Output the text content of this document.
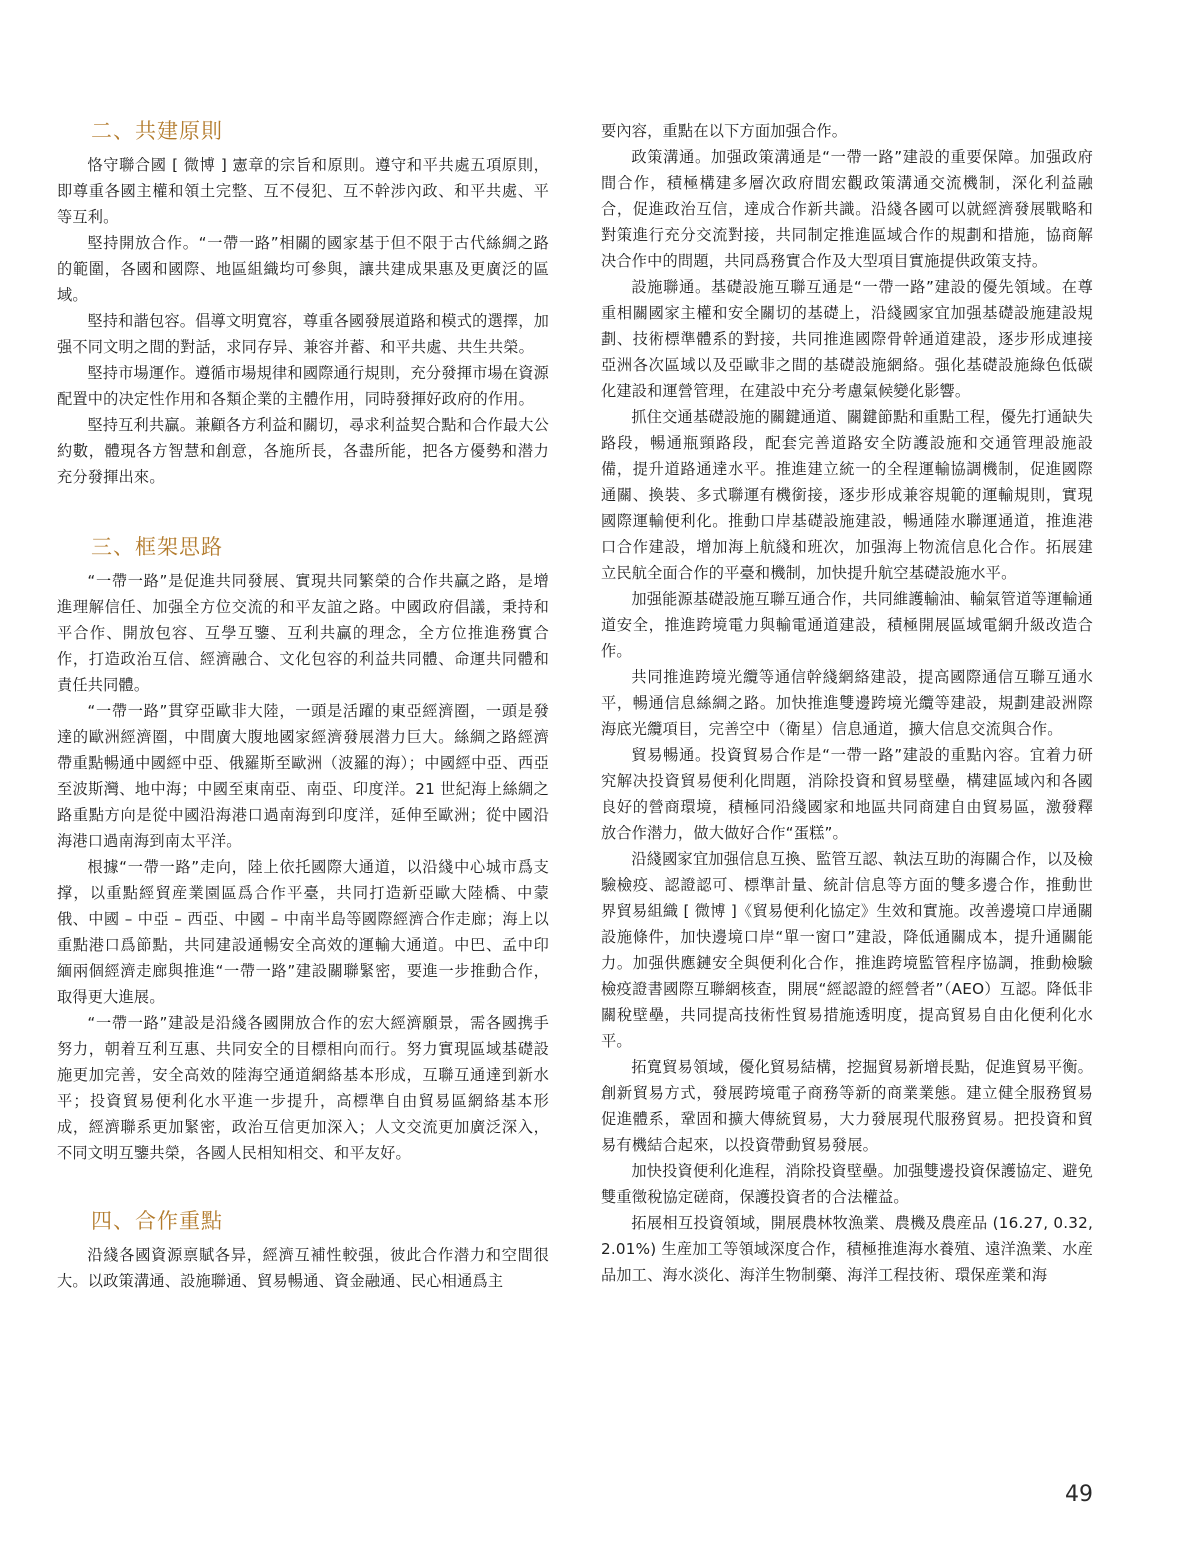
二、共建原則

恪守聯合國 [ 微博 ] 憲章的宗旨和原則。遵守和平共處五項原則，即尊重各國主權和領土完整、互不侵犯、互不幹涉內政、和平共處、平等互利。

堅持開放合作。“一帶一路”相關的國家基于但不限于古代絲綢之路的範圍，各國和國際、地區組織均可參與，讓共建成果惠及更廣泛的區域。

堅持和諧包容。倡導文明寬容，尊重各國發展道路和模式的選擇，加强不同文明之間的對話，求同存异、兼容并蓄、和平共處、共生共榮。

堅持市場運作。遵循市場規律和國際通行規則，充分發揮市場在資源配置中的决定性作用和各類企業的主體作用，同時發揮好政府的作用。

堅持互利共贏。兼顧各方利益和關切，尋求利益契合點和合作最大公約數，體現各方智慧和創意，各施所長，各盡所能，把各方優勢和潜力充分發揮出來。

三、框架思路

“一帶一路”是促進共同發展、實現共同繁榮的合作共贏之路，是增進理解信任、加强全方位交流的和平友誼之路。中國政府倡議，秉持和平合作、開放包容、互學互鑒、互利共贏的理念，全方位推進務實合作，打造政治互信、經濟融合、文化包容的利益共同體、命運共同體和責任共同體。

“一帶一路”貫穿亞歐非大陸，一頭是活躍的東亞經濟圈，一頭是發達的歐洲經濟圈，中間廣大腹地國家經濟發展潜力巨大。絲綢之路經濟帶重點暢通中國經中亞、俄羅斯至歐洲（波羅的海）；中國經中亞、西亞至波斯灣、地中海；中國至東南亞、南亞、印度洋。21 世紀海上絲綢之路重點方向是從中國沿海港口過南海到印度洋，延伸至歐洲；從中國沿海港口過南海到南太平洋。

根據“一帶一路”走向，陸上依托國際大通道，以沿綫中心城市爲支撑，以重點經貿産業園區爲合作平臺，共同打造新亞歐大陸橋、中蒙俄、中國 – 中亞 – 西亞、中國 – 中南半島等國際經濟合作走廊；海上以重點港口爲節點，共同建設通暢安全高效的運輸大通道。中巴、孟中印緬兩個經濟走廊與推進“一帶一路”建設關聯緊密，要進一步推動合作，取得更大進展。

“一帶一路”建設是沿綫各國開放合作的宏大經濟願景，需各國携手努力，朝着互利互惠、共同安全的目標相向而行。努力實現區域基礎設施更加完善，安全高效的陸海空通道網絡基本形成，互聯互通達到新水平；投資貿易便利化水平進一步提升，高標準自由貿易區網絡基本形成，經濟聯系更加緊密，政治互信更加深入；人文交流更加廣泛深入，不同文明互鑒共榮，各國人民相知相交、和平友好。

四、合作重點

沿綫各國資源禀賦各异，經濟互補性較强，彼此合作潜力和空間很大。以政策溝通、設施聯通、貿易暢通、資金融通、民心相通爲主

要內容，重點在以下方面加强合作。

政策溝通。加强政策溝通是“一帶一路”建設的重要保障。加强政府間合作，積極構建多層次政府間宏觀政策溝通交流機制，深化利益融合，促進政治互信，達成合作新共識。沿綫各國可以就經濟發展戰略和對策進行充分交流對接，共同制定推進區域合作的規劃和措施，協商解决合作中的問題，共同爲務實合作及大型項目實施提供政策支持。

設施聯通。基礎設施互聯互通是“一帶一路”建設的優先領域。在尊重相關國家主權和安全關切的基礎上，沿綫國家宜加强基礎設施建設規劃、技術標準體系的對接，共同推進國際骨幹通道建設，逐步形成連接亞洲各次區域以及亞歐非之間的基礎設施網絡。强化基礎設施綠色低碳化建設和運營管理，在建設中充分考慮氣候變化影響。

抓住交通基礎設施的關鍵通道、關鍵節點和重點工程，優先打通缺失路段，暢通瓶頸路段，配套完善道路安全防護設施和交通管理設施設備，提升道路通達水平。推進建立統一的全程運輸協調機制，促進國際通關、換裝、多式聯運有機銜接，逐步形成兼容規範的運輸規則，實現國際運輸便利化。推動口岸基礎設施建設，暢通陸水聯運通道，推進港口合作建設，增加海上航綫和班次，加强海上物流信息化合作。拓展建立民航全面合作的平臺和機制，加快提升航空基礎設施水平。

加强能源基礎設施互聯互通合作，共同維護輸油、輸氣管道等運輸通道安全，推進跨境電力與輸電通道建設，積極開展區域電網升級改造合作。

共同推進跨境光纜等通信幹綫網絡建設，提高國際通信互聯互通水平，暢通信息絲綢之路。加快推進雙邊跨境光纜等建設，規劃建設洲際海底光纜項目，完善空中（衛星）信息通道，擴大信息交流與合作。

貿易暢通。投資貿易合作是“一帶一路”建設的重點內容。宜着力研究解决投資貿易便利化問題，消除投資和貿易壁壘，構建區域內和各國良好的營商環境，積極同沿綫國家和地區共同商建自由貿易區，激發釋放合作潜力，做大做好合作“蛋糕”。

沿綫國家宜加强信息互換、監管互認、執法互助的海關合作，以及檢驗檢疫、認證認可、標準計量、統計信息等方面的雙多邊合作，推動世界貿易組織 [ 微博 ]《貿易便利化協定》生效和實施。改善邊境口岸通關設施條件，加快邊境口岸“單一窗口”建設，降低通關成本，提升通關能力。加强供應鏈安全與便利化合作，推進跨境監管程序協調，推動檢驗檢疫證書國際互聯網核查，開展“經認證的經營者”（AEO）互認。降低非關稅壁壘，共同提高技術性貿易措施透明度，提高貿易自由化便利化水平。

拓寬貿易領域，優化貿易結構，挖掘貿易新增長點，促進貿易平衡。創新貿易方式，發展跨境電子商務等新的商業業態。建立健全服務貿易促進體系，鞏固和擴大傳統貿易，大力發展現代服務貿易。把投資和貿易有機結合起來，以投資帶動貿易發展。

加快投資便利化進程，消除投資壁壘。加强雙邊投資保護協定、避免雙重徵稅協定磋商，保護投資者的合法權益。

拓展相互投資領域，開展農林牧漁業、農機及農産品 (16.27, 0.32, 2.01%) 生産加工等領域深度合作，積極推進海水養殖、遠洋漁業、水産品加工、海水淡化、海洋生物制藥、海洋工程技術、環保産業和海

49
